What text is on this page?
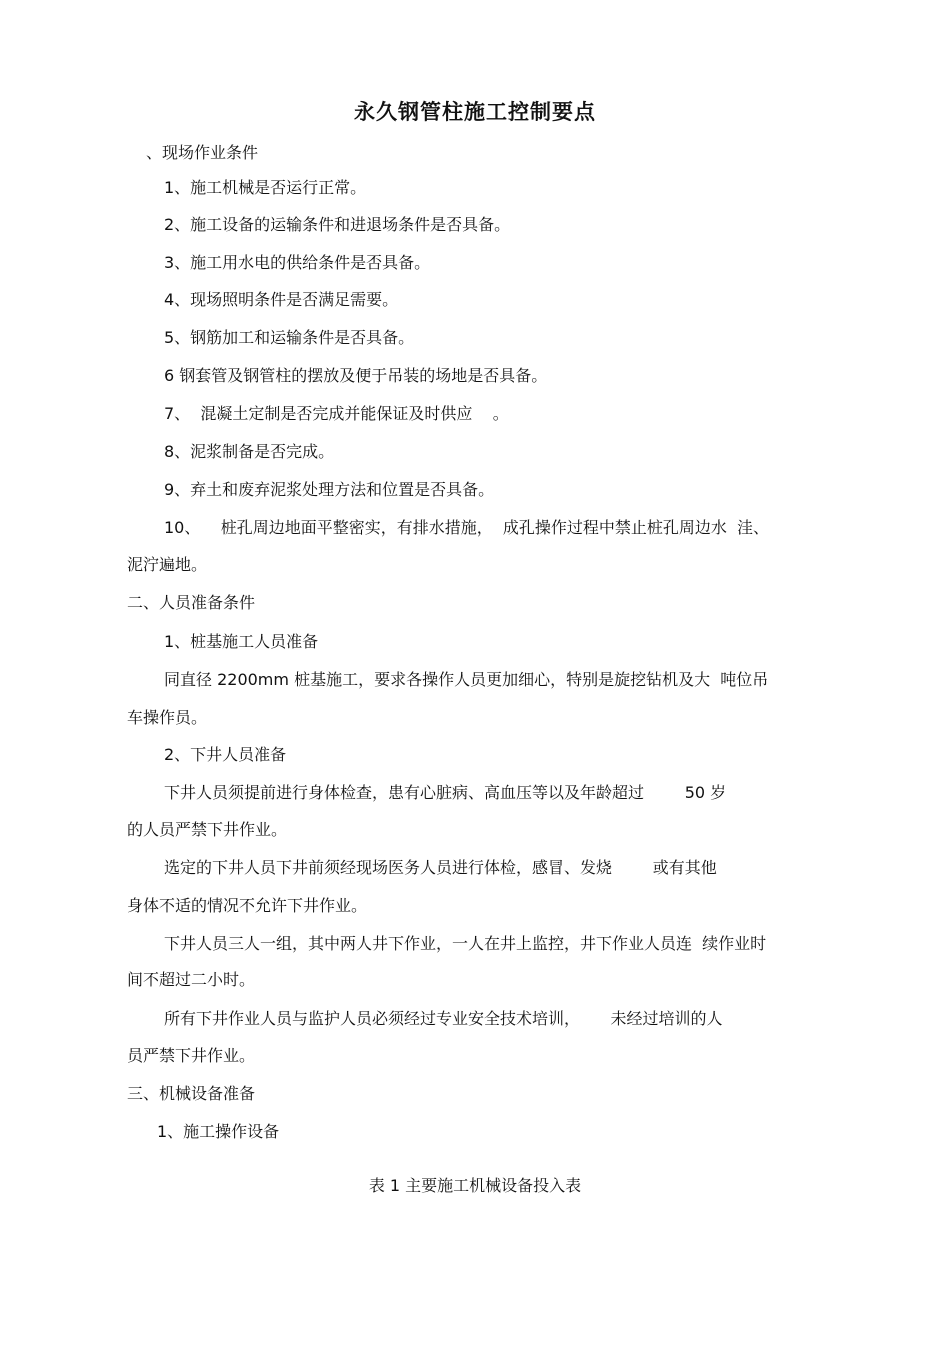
永久钢管柱施工控制要点
、现场作业条件
1、施工机械是否运行正常。
2、施工设备的运输条件和进退场条件是否具备。
3、施工用水电的供给条件是否具备。
4、现场照明条件是否满足需要。
5、钢筋加工和运输条件是否具备。
6 钢套管及钢管柱的摆放及便于吊装的场地是否具备。
7、  混凝土定制是否完成并能保证及时供应    。
8、泥浆制备是否完成。
9、弃土和废弃泥浆处理方法和位置是否具备。
10、    桩孔周边地面平整密实，有排水措施，  成孔操作过程中禁止桩孔周边水  洼、
泥泞遍地。
二、人员准备条件
1、桩基施工人员准备
同直径 2200mm 桩基施工，要求各操作人员更加细心，特别是旋挖钻机及大  吨位吊
车操作员。
2、下井人员准备
下井人员须提前进行身体检查，患有心脏病、高血压等以及年龄超过        50 岁
的人员严禁下井作业。
选定的下井人员下井前须经现场医务人员进行体检，感冒、发烧        或有其他
身体不适的情况不允许下井作业。
下井人员三人一组，其中两人井下作业，一人在井上监控，井下作业人员连  续作业时
间不超过二小时。
所有下井作业人员与监护人员必须经过专业安全技术培训，      未经过培训的人
员严禁下井作业。
三、机械设备准备
1、施工操作设备
表 1 主要施工机械设备投入表
